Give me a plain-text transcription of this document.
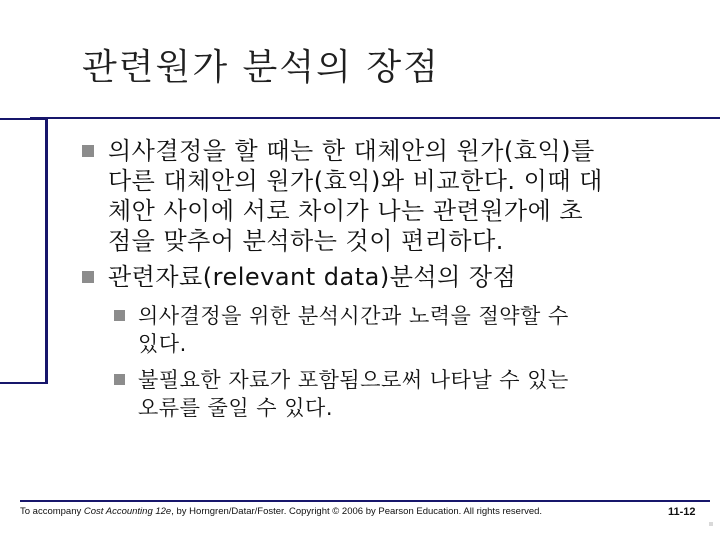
관련원가 분석의 장점
의사결정을 할 때는 한 대체안의 원가(효익)를
다른 대체안의 원가(효익)와 비교한다. 이때 대
체안 사이에 서로 차이가 나는 관련원가에 초
점을 맞추어 분석하는 것이 편리하다.
관련자료(relevant data)분석의 장점
의사결정을 위한 분석시간과 노력을 절약할 수
있다.
불필요한 자료가 포함됨으로써 나타날 수 있는
오류를 줄일 수 있다.
To accompany Cost Accounting 12e, by Horngren/Datar/Foster. Copyright © 2006 by Pearson Education. All rights reserved.	11-12
